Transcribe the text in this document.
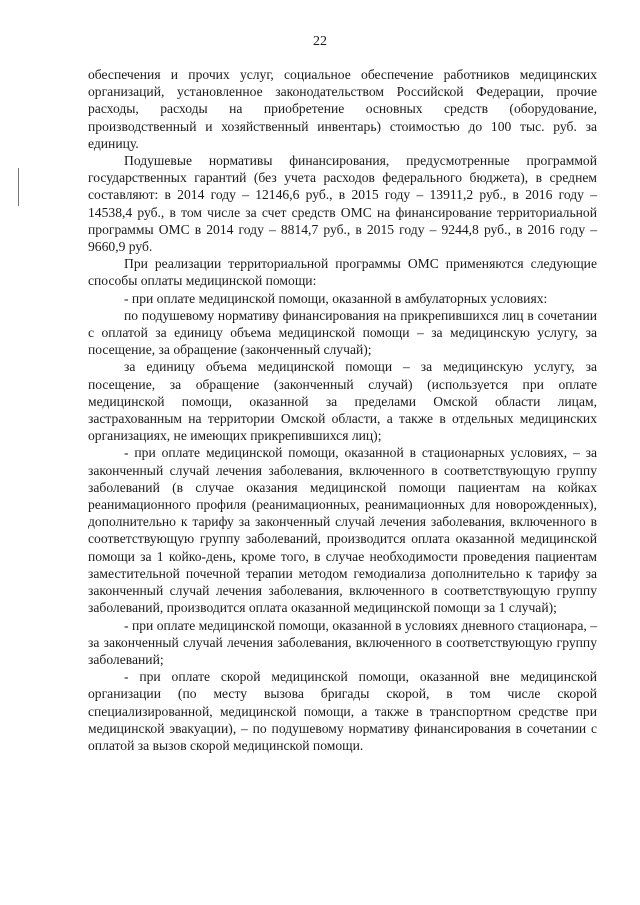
22

обеспечения и прочих услуг, социальное обеспечение работников медицинских организаций, установленное законодательством Российской Федерации, прочие расходы, расходы на приобретение основных средств (оборудование, производственный и хозяйственный инвентарь) стоимостью до 100 тыс. руб. за единицу.

Подушевые нормативы финансирования, предусмотренные программой государственных гарантий (без учета расходов федерального бюджета), в среднем составляют: в 2014 году – 12146,6 руб., в 2015 году – 13911,2 руб., в 2016 году – 14538,4 руб., в том числе за счет средств ОМС на финансирование территориальной программы ОМС в 2014 году – 8814,7 руб., в 2015 году – 9244,8 руб., в 2016 году – 9660,9 руб.

При реализации территориальной программы ОМС применяются следующие способы оплаты медицинской помощи:

- при оплате медицинской помощи, оказанной в амбулаторных условиях:

по подушевому нормативу финансирования на прикрепившихся лиц в сочетании с оплатой за единицу объема медицинской помощи – за медицинскую услугу, за посещение, за обращение (законченный случай);

за единицу объема медицинской помощи – за медицинскую услугу, за посещение, за обращение (законченный случай) (используется при оплате медицинской помощи, оказанной за пределами Омской области лицам, застрахованным на территории Омской области, а также в отдельных медицинских организациях, не имеющих прикрепившихся лиц);

- при оплате медицинской помощи, оказанной в стационарных условиях, – за законченный случай лечения заболевания, включенного в соответствующую группу заболеваний (в случае оказания медицинской помощи пациентам на койках реанимационного профиля (реанимационных, реанимационных для новорожденных), дополнительно к тарифу за законченный случай лечения заболевания, включенного в соответствующую группу заболеваний, производится оплата оказанной медицинской помощи за 1 койко-день, кроме того, в случае необходимости проведения пациентам заместительной почечной терапии методом гемодиализа дополнительно к тарифу за законченный случай лечения заболевания, включенного в соответствующую группу заболеваний, производится оплата оказанной медицинской помощи за 1 случай);

- при оплате медицинской помощи, оказанной в условиях дневного стационара, – за законченный случай лечения заболевания, включенного в соответствующую группу заболеваний;

- при оплате скорой медицинской помощи, оказанной вне медицинской организации (по месту вызова бригады скорой, в том числе скорой специализированной, медицинской помощи, а также в транспортном средстве при медицинской эвакуации), – по подушевому нормативу финансирования в сочетании с оплатой за вызов скорой медицинской помощи.
